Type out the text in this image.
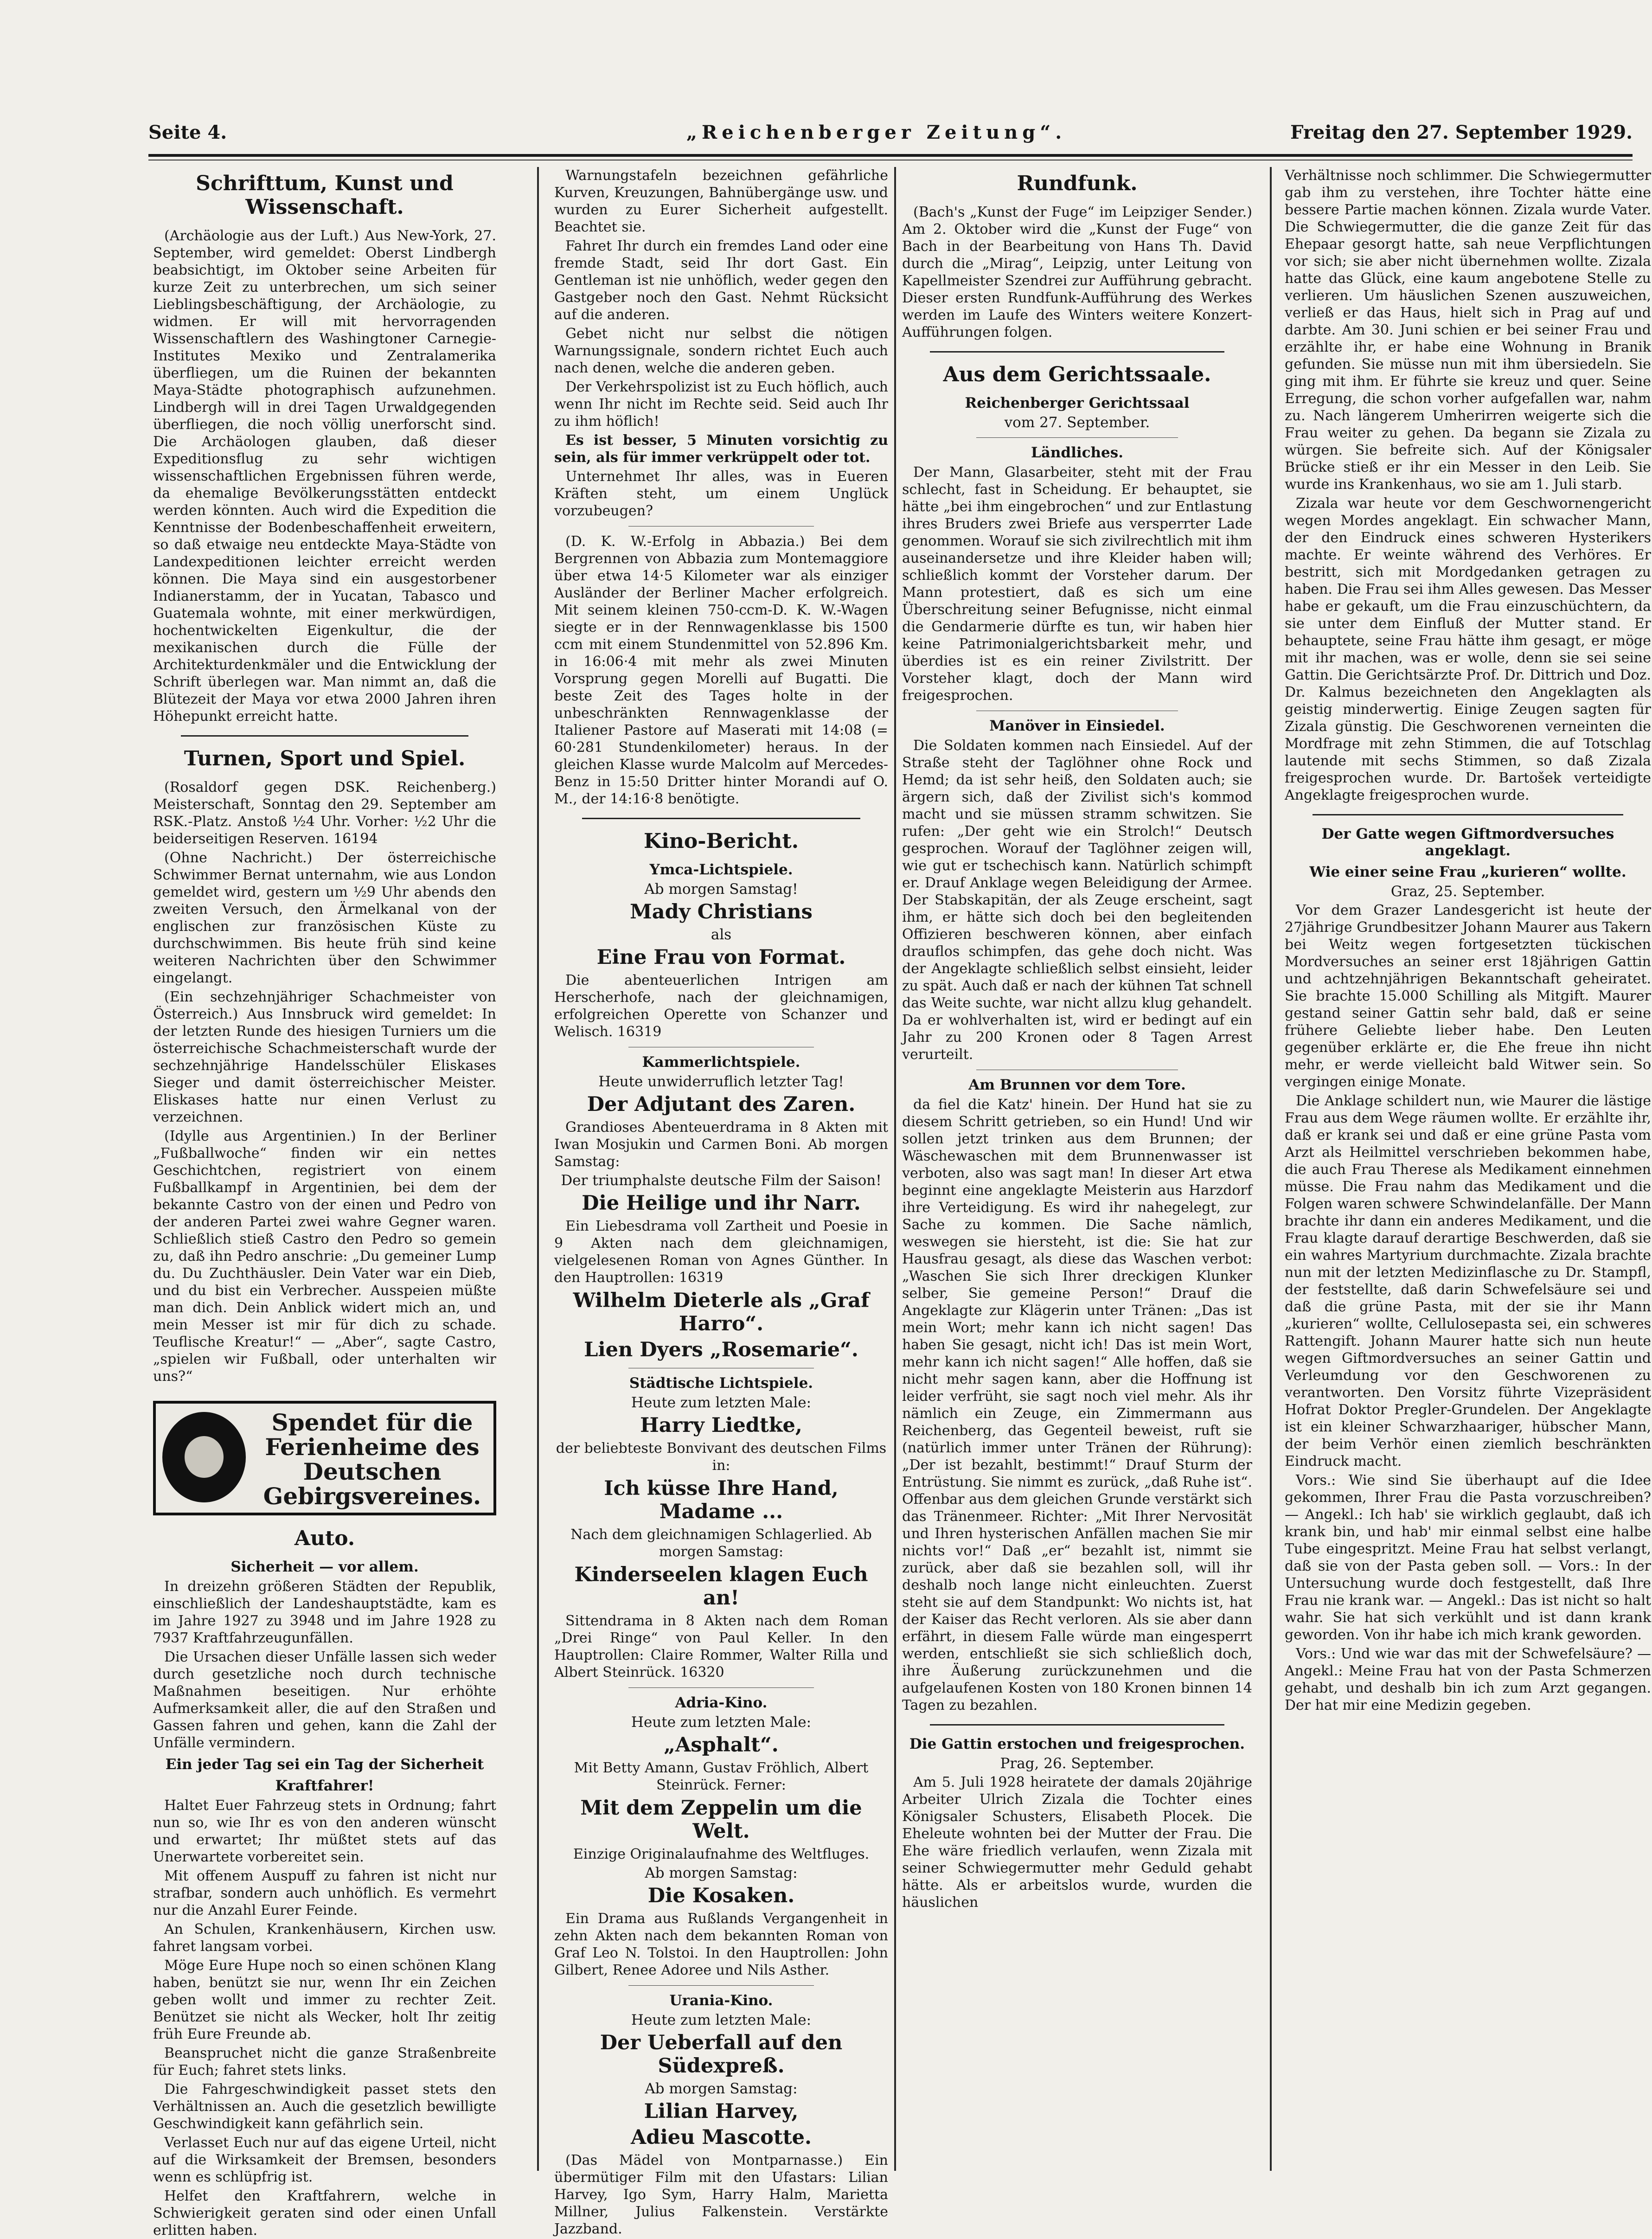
Seite 4.	„Reichenberger Zeitung“.	Freitag den 27. September 1929.
Schrifttum, Kunst und Wissenschaft.
(Archäologie aus der Luft.) Aus New-York, 27. September, wird gemeldet: Oberst Lindbergh beabsichtigt, im Oktober seine Arbeiten für kurze Zeit zu unterbrechen, um sich seiner Lieblingsbeschäftigung, der Archäologie, zu widmen. Er will mit hervorragenden Wissenschaftlern des Washingtoner Carnegie-Institutes Mexiko und Zentralamerika überfliegen, um die Ruinen der bekannten Maya-Städte photographisch aufzunehmen. Lindbergh will in drei Tagen Urwaldgegenden überfliegen, die noch völlig unerforscht sind. Die Archäologen glauben, daß dieser Expeditionsflug zu sehr wichtigen wissenschaftlichen Ergebnissen führen werde, da ehemalige Bevölkerungsstätten entdeckt werden könnten. Auch wird die Expedition die Kenntnisse der Bodenbeschaffenheit erweitern, so daß etwaige neu entdeckte Maya-Städte von Landexpeditionen leichter erreicht werden können. Die Maya sind ein ausgestorbener Indianerstamm, der in Yucatan, Tabasco und Guatemala wohnte, mit einer merkwürdigen, hochentwickelten Eigenkultur, die der mexikanischen durch die Fülle der Architekturdenkmäler und die Entwicklung der Schrift überlegen war. Man nimmt an, daß die Blütezeit der Maya vor etwa 2000 Jahren ihren Höhepunkt erreicht hatte.
Turnen, Sport und Spiel.
(Rosaldorf gegen DSK. Reichenberg.) Meisterschaft, Sonntag den 29. September am RSK.-Platz. Anstoß ½4 Uhr. Vorher: ½2 Uhr die beiderseitigen Reserven. 16194
(Ohne Nachricht.) Der österreichische Schwimmer Bernat unternahm, wie aus London gemeldet wird, gestern um ½9 Uhr abends den zweiten Versuch, den Ärmelkanal von der englischen zur französischen Küste zu durchschwimmen. Bis heute früh sind keine weiteren Nachrichten über den Schwimmer eingelangt.
(Ein sechzehnjähriger Schachmeister von Österreich.) Aus Innsbruck wird gemeldet: In der letzten Runde des hiesigen Turniers um die österreichische Schachmeisterschaft wurde der sechzehnjährige Handelsschüler Eliskases Sieger und damit österreichischer Meister. Eliskases hatte nur einen Verlust zu verzeichnen.
(Idylle aus Argentinien.) In der Berliner „Fußballwoche“ finden wir ein nettes Geschichtchen, registriert von einem Fußballkampf in Argentinien, bei dem der bekannte Castro von der einen und Pedro von der anderen Partei zwei wahre Gegner waren. Schließlich stieß Castro den Pedro so gemein zu, daß ihn Pedro anschrie: „Du gemeiner Lump du. Du Zuchthäusler. Dein Vater war ein Dieb, und du bist ein Verbrecher. Ausspeien müßte man dich. Dein Anblick widert mich an, und mein Messer ist mir für dich zu schade. Teuflische Kreatur!“ — „Aber“, sagte Castro, „spielen wir Fußball, oder unterhalten wir uns?“
Spendet für die Ferienheime des Deutschen Gebirgsvereines.
Auto.
Sicherheit — vor allem.
In dreizehn größeren Städten der Republik, einschließlich der Landeshauptstädte, kam es im Jahre 1927 zu 3948 und im Jahre 1928 zu 7937 Kraftfahrzeugunfällen.
Die Ursachen dieser Unfälle lassen sich weder durch gesetzliche noch durch technische Maßnahmen beseitigen. Nur erhöhte Aufmerksamkeit aller, die auf den Straßen und Gassen fahren und gehen, kann die Zahl der Unfälle vermindern.
Ein jeder Tag sei ein Tag der Sicherheit
Kraftfahrer!
Haltet Euer Fahrzeug stets in Ordnung; fahrt nun so, wie Ihr es von den anderen wünscht und erwartet; Ihr müßtet stets auf das Unerwartete vorbereitet sein.
Mit offenem Auspuff zu fahren ist nicht nur strafbar, sondern auch unhöflich. Es vermehrt nur die Anzahl Eurer Feinde.
An Schulen, Krankenhäusern, Kirchen usw. fahret langsam vorbei.
Möge Eure Hupe noch so einen schönen Klang haben, benützt sie nur, wenn Ihr ein Zeichen geben wollt und immer zu rechter Zeit. Benützet sie nicht als Wecker, holt Ihr zeitig früh Eure Freunde ab.
Beanspruchet nicht die ganze Straßenbreite für Euch; fahret stets links.
Die Fahrgeschwindigkeit passet stets den Verhältnissen an. Auch die gesetzlich bewilligte Geschwindigkeit kann gefährlich sein.
Verlasset Euch nur auf das eigene Urteil, nicht auf die Wirksamkeit der Bremsen, besonders wenn es schlüpfrig ist.
Helfet den Kraftfahrern, welche in Schwierigkeit geraten sind oder einen Unfall erlitten haben.
Warnungstafeln bezeichnen gefährliche Kurven, Kreuzungen, Bahnübergänge usw. und wurden zu Eurer Sicherheit aufgestellt. Beachtet sie.
Fahret Ihr durch ein fremdes Land oder eine fremde Stadt, seid Ihr dort Gast. Ein Gentleman ist nie unhöflich, weder gegen den Gastgeber noch den Gast. Nehmt Rücksicht auf die anderen.
Gebet nicht nur selbst die nötigen Warnungssignale, sondern richtet Euch auch nach denen, welche die anderen geben.
Der Verkehrspolizist ist zu Euch höflich, auch wenn Ihr nicht im Rechte seid. Seid auch Ihr zu ihm höflich!
Es ist besser, 5 Minuten vorsichtig zu sein, als für immer verkrüppelt oder tot.
Unternehmet Ihr alles, was in Eueren Kräften steht, um einem Unglück vorzubeugen?
(D. K. W.-Erfolg in Abbazia.) Bei dem Bergrennen von Abbazia zum Montemaggiore über etwa 14·5 Kilometer war als einziger Ausländer der Berliner Macher erfolgreich. Mit seinem kleinen 750-ccm-D. K. W.-Wagen siegte er in der Rennwagenklasse bis 1500 ccm mit einem Stundenmittel von 52.896 Km. in 16:06·4 mit mehr als zwei Minuten Vorsprung gegen Morelli auf Bugatti. Die beste Zeit des Tages holte in der unbeschränkten Rennwagenklasse der Italiener Pastore auf Maserati mit 14:08 (= 60·281 Stundenkilometer) heraus. In der gleichen Klasse wurde Malcolm auf Mercedes-Benz in 15:50 Dritter hinter Morandi auf O. M., der 14:16·8 benötigte.
Kino-Bericht.
Ymca-Lichtspiele.
Ab morgen Samstag!
Mady Christians
als
Eine Frau von Format.
Die abenteuerlichen Intrigen am Herscherhofe, nach der gleichnamigen, erfolgreichen Operette von Schanzer und Welisch. 16319
Kammerlichtspiele.
Heute unwiderruflich letzter Tag!
Der Adjutant des Zaren.
Grandioses Abenteuerdrama in 8 Akten mit Iwan Mosjukin und Carmen Boni. Ab morgen Samstag:
Der triumphalste deutsche Film der Saison!
Die Heilige und ihr Narr.
Ein Liebesdrama voll Zartheit und Poesie in 9 Akten nach dem gleichnamigen, vielgelesenen Roman von Agnes Günther. In den Hauptrollen: 16319
Wilhelm Dieterle als „Graf Harro“.
Lien Dyers „Rosemarie“.
Städtische Lichtspiele.
Heute zum letzten Male:
Harry Liedtke,
der beliebteste Bonvivant des deutschen Films in:
Ich küsse Ihre Hand, Madame ...
Nach dem gleichnamigen Schlagerlied. Ab morgen Samstag:
Kinderseelen klagen Euch an!
Sittendrama in 8 Akten nach dem Roman „Drei Ringe“ von Paul Keller. In den Hauptrollen: Claire Rommer, Walter Rilla und Albert Steinrück. 16320
Adria-Kino.
Heute zum letzten Male:
„Asphalt“.
Mit Betty Amann, Gustav Fröhlich, Albert Steinrück. Ferner:
Mit dem Zeppelin um die Welt.
Einzige Originalaufnahme des Weltfluges.
Ab morgen Samstag:
Die Kosaken.
Ein Drama aus Rußlands Vergangenheit in zehn Akten nach dem bekannten Roman von Graf Leo N. Tolstoi. In den Hauptrollen: John Gilbert, Renee Adoree und Nils Asther.
Urania-Kino.
Heute zum letzten Male:
Der Ueberfall auf den Südexpreß.
Ab morgen Samstag:
Lilian Harvey,
Adieu Mascotte.
(Das Mädel von Montparnasse.) Ein übermütiger Film mit den Ufastars: Lilian Harvey, Igo Sym, Harry Halm, Marietta Millner, Julius Falkenstein. Verstärkte Jazzband.
Rundfunk.
(Bach's „Kunst der Fuge“ im Leipziger Sender.) Am 2. Oktober wird die „Kunst der Fuge“ von Bach in der Bearbeitung von Hans Th. David durch die „Mirag“, Leipzig, unter Leitung von Kapellmeister Szendrei zur Aufführung gebracht. Dieser ersten Rundfunk-Aufführung des Werkes werden im Laufe des Winters weitere Konzert-Aufführungen folgen.
Aus dem Gerichtssaale.
Reichenberger Gerichtssaal
vom 27. September.
Ländliches.
Der Mann, Glasarbeiter, steht mit der Frau schlecht, fast in Scheidung. Er behauptet, sie hätte „bei ihm eingebrochen“ und zur Entlastung ihres Bruders zwei Briefe aus versperrter Lade genommen. Worauf sie sich zivilrechtlich mit ihm auseinandersetze und ihre Kleider haben will; schließlich kommt der Vorsteher darum. Der Mann protestiert, daß es sich um eine Überschreitung seiner Befugnisse, nicht einmal die Gendarmerie dürfte es tun, wir haben hier keine Patrimonialgerichtsbarkeit mehr, und überdies ist es ein reiner Zivilstritt. Der Vorsteher klagt, doch der Mann wird freigesprochen.
Manöver in Einsiedel.
Die Soldaten kommen nach Einsiedel. Auf der Straße steht der Taglöhner ohne Rock und Hemd; da ist sehr heiß, den Soldaten auch; sie ärgern sich, daß der Zivilist sich's kommod macht und sie müssen stramm schwitzen. Sie rufen: „Der geht wie ein Strolch!“ Deutsch gesprochen. Worauf der Taglöhner zeigen will, wie gut er tschechisch kann. Natürlich schimpft er. Drauf Anklage wegen Beleidigung der Armee. Der Stabskapitän, der als Zeuge erscheint, sagt ihm, er hätte sich doch bei den begleitenden Offizieren beschweren können, aber einfach drauflos schimpfen, das gehe doch nicht. Was der Angeklagte schließlich selbst einsieht, leider zu spät. Auch daß er nach der kühnen Tat schnell das Weite suchte, war nicht allzu klug gehandelt. Da er wohlverhalten ist, wird er bedingt auf ein Jahr zu 200 Kronen oder 8 Tagen Arrest verurteilt.
Am Brunnen vor dem Tore.
da fiel die Katz' hinein. Der Hund hat sie zu diesem Schritt getrieben, so ein Hund! Und wir sollen jetzt trinken aus dem Brunnen; der Wäschewaschen mit dem Brunnenwasser ist verboten, also was sagt man! In dieser Art etwa beginnt eine angeklagte Meisterin aus Harzdorf ihre Verteidigung. Es wird ihr nahegelegt, zur Sache zu kommen. Die Sache nämlich, weswegen sie hiersteht, ist die: Sie hat zur Hausfrau gesagt, als diese das Waschen verbot: „Waschen Sie sich Ihrer dreckigen Klunker selber, Sie gemeine Person!“ Drauf die Angeklagte zur Klägerin unter Tränen: „Das ist mein Wort; mehr kann ich nicht sagen! Das haben Sie gesagt, nicht ich! Das ist mein Wort, mehr kann ich nicht sagen!“ Alle hoffen, daß sie nicht mehr sagen kann, aber die Hoffnung ist leider verfrüht, sie sagt noch viel mehr. Als ihr nämlich ein Zeuge, ein Zimmermann aus Reichenberg, das Gegenteil beweist, ruft sie (natürlich immer unter Tränen der Rührung): „Der ist bezahlt, bestimmt!“ Drauf Sturm der Entrüstung. Sie nimmt es zurück, „daß Ruhe ist“. Offenbar aus dem gleichen Grunde verstärkt sich das Tränenmeer. Richter: „Mit Ihrer Nervosität und Ihren hysterischen Anfällen machen Sie mir nichts vor!“ Daß „er“ bezahlt ist, nimmt sie zurück, aber daß sie bezahlen soll, will ihr deshalb noch lange nicht einleuchten. Zuerst steht sie auf dem Standpunkt: Wo nichts ist, hat der Kaiser das Recht verloren. Als sie aber dann erfährt, in diesem Falle würde man eingesperrt werden, entschließt sie sich schließlich doch, ihre Äußerung zurückzunehmen und die aufgelaufenen Kosten von 180 Kronen binnen 14 Tagen zu bezahlen.
Die Gattin erstochen und freigesprochen.
Prag, 26. September.
Am 5. Juli 1928 heiratete der damals 20jährige Arbeiter Ulrich Zizala die Tochter eines Königsaler Schusters, Elisabeth Plocek. Die Eheleute wohnten bei der Mutter der Frau. Die Ehe wäre friedlich verlaufen, wenn Zizala mit seiner Schwiegermutter mehr Geduld gehabt hätte. Als er arbeitslos wurde, wurden die häuslichen
Verhältnisse noch schlimmer. Die Schwiegermutter gab ihm zu verstehen, ihre Tochter hätte eine bessere Partie machen können. Zizala wurde Vater. Die Schwiegermutter, die die ganze Zeit für das Ehepaar gesorgt hatte, sah neue Verpflichtungen vor sich; sie aber nicht übernehmen wollte. Zizala hatte das Glück, eine kaum angebotene Stelle zu verlieren. Um häuslichen Szenen auszuweichen, verließ er das Haus, hielt sich in Prag auf und darbte. Am 30. Juni schien er bei seiner Frau und erzählte ihr, er habe eine Wohnung in Branik gefunden. Sie müsse nun mit ihm übersiedeln. Sie ging mit ihm. Er führte sie kreuz und quer. Seine Erregung, die schon vorher aufgefallen war, nahm zu. Nach längerem Umherirren weigerte sich die Frau weiter zu gehen. Da begann sie Zizala zu würgen. Sie befreite sich. Auf der Königsaler Brücke stieß er ihr ein Messer in den Leib. Sie wurde ins Krankenhaus, wo sie am 1. Juli starb.
Zizala war heute vor dem Geschwornengericht wegen Mordes angeklagt. Ein schwacher Mann, der den Eindruck eines schweren Hysterikers machte. Er weinte während des Verhöres. Er bestritt, sich mit Mordgedanken getragen zu haben. Die Frau sei ihm Alles gewesen. Das Messer habe er gekauft, um die Frau einzuschüchtern, da sie unter dem Einfluß der Mutter stand. Er behauptete, seine Frau hätte ihm gesagt, er möge mit ihr machen, was er wolle, denn sie sei seine Gattin. Die Gerichtsärzte Prof. Dr. Dittrich und Doz. Dr. Kalmus bezeichneten den Angeklagten als geistig minderwertig. Einige Zeugen sagten für Zizala günstig. Die Geschworenen verneinten die Mordfrage mit zehn Stimmen, die auf Totschlag lautende mit sechs Stimmen, so daß Zizala freigesprochen wurde. Dr. Bartošek verteidigte Angeklagte freigesprochen wurde.
Der Gatte wegen Giftmordversuches angeklagt.
Wie einer seine Frau „kurieren“ wollte.
Graz, 25. September.
Vor dem Grazer Landesgericht ist heute der 27jährige Grundbesitzer Johann Maurer aus Takern bei Weitz wegen fortgesetzten tückischen Mordversuches an seiner erst 18jährigen Gattin und achtzehnjährigen Bekanntschaft geheiratet. Sie brachte 15.000 Schilling als Mitgift. Maurer gestand seiner Gattin sehr bald, daß er seine frühere Geliebte lieber habe. Den Leuten gegenüber erklärte er, die Ehe freue ihn nicht mehr, er werde vielleicht bald Witwer sein. So vergingen einige Monate.
Die Anklage schildert nun, wie Maurer die lästige Frau aus dem Wege räumen wollte. Er erzählte ihr, daß er krank sei und daß er eine grüne Pasta vom Arzt als Heilmittel verschrieben bekommen habe, die auch Frau Therese als Medikament einnehmen müsse. Die Frau nahm das Medikament und die Folgen waren schwere Schwindelanfälle. Der Mann brachte ihr dann ein anderes Medikament, und die Frau klagte darauf derartige Beschwerden, daß sie ein wahres Martyrium durchmachte. Zizala brachte nun mit der letzten Medizinflasche zu Dr. Stampfl, der feststellte, daß darin Schwefelsäure sei und daß die grüne Pasta, mit der sie ihr Mann „kurieren“ wollte, Cellulosepasta sei, ein schweres Rattengift. Johann Maurer hatte sich nun heute wegen Giftmordversuches an seiner Gattin und Verleumdung vor den Geschworenen zu verantworten. Den Vorsitz führte Vizepräsident Hofrat Doktor Pregler-Grundelen. Der Angeklagte ist ein kleiner Schwarzhaariger, hübscher Mann, der beim Verhör einen ziemlich beschränkten Eindruck macht.
Vors.: Wie sind Sie überhaupt auf die Idee gekommen, Ihrer Frau die Pasta vorzuschreiben? — Angekl.: Ich hab' sie wirklich geglaubt, daß ich krank bin, und hab' mir einmal selbst eine halbe Tube eingespritzt. Meine Frau hat selbst verlangt, daß sie von der Pasta geben soll. — Vors.: In der Untersuchung wurde doch festgestellt, daß Ihre Frau nie krank war. — Angekl.: Das ist nicht so halt wahr. Sie hat sich verkühlt und ist dann krank geworden. Von ihr habe ich mich krank geworden.
Vors.: Und wie war das mit der Schwefelsäure? — Angekl.: Meine Frau hat von der Pasta Schmerzen gehabt, und deshalb bin ich zum Arzt gegangen. Der hat mir eine Medizin gegeben.
